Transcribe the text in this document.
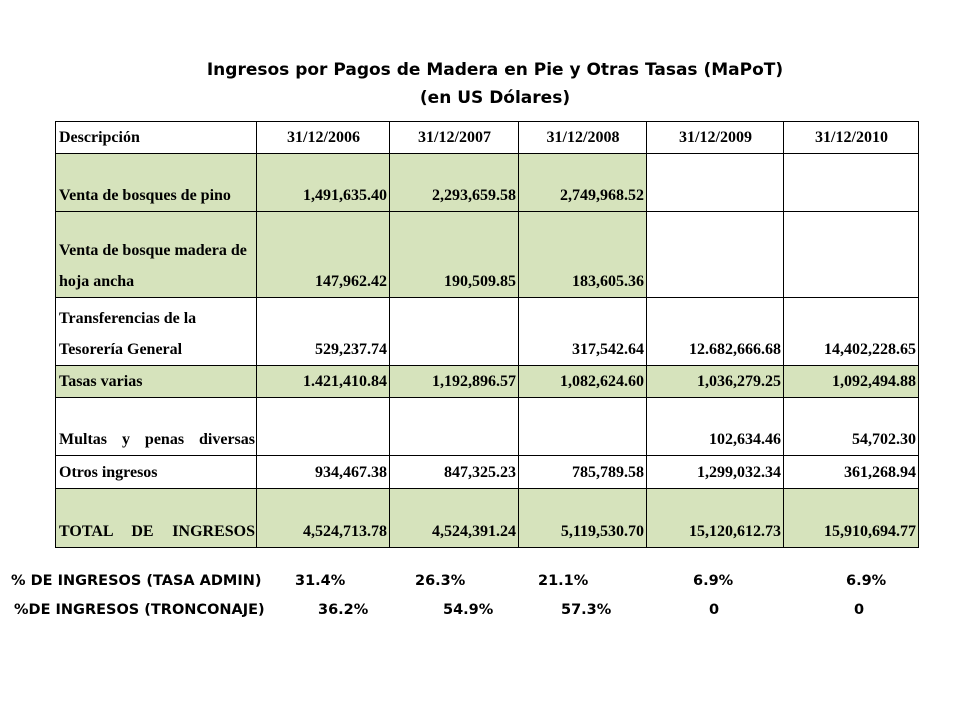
Ingresos por Pagos de Madera en Pie y Otras Tasas (MaPoT)
(en US Dólares)
Descripción	31/12/2006	31/12/2007	31/12/2008	31/12/2009	31/12/2010
Venta de bosques de pino	1,491,635.40	2,293,659.58	2,749,968.52		
Venta de bosque madera de hoja ancha	147,962.42	190,509.85	183,605.36		
Transferencias de la Tesorería General	529,237.74		317,542.64	12.682,666.68	14,402,228.65
Tasas varias	1.421,410.84	1,192,896.57	1,082,624.60	1,036,279.25	1,092,494.88
Multas y penas diversas				102,634.46	54,702.30
Otros ingresos	934,467.38	847,325.23	785,789.58	1,299,032.34	361,268.94
TOTAL DE INGRESOS	4,524,713.78	4,524,391.24	5,119,530.70	15,120,612.73	15,910,694.77
% DE INGRESOS (TASA ADMIN) 31.4%	26.3%	21.1%	6.9%	6.9%
%DE INGRESOS (TRONCONAJE)	36.2%	54.9%	57.3%	0	0
